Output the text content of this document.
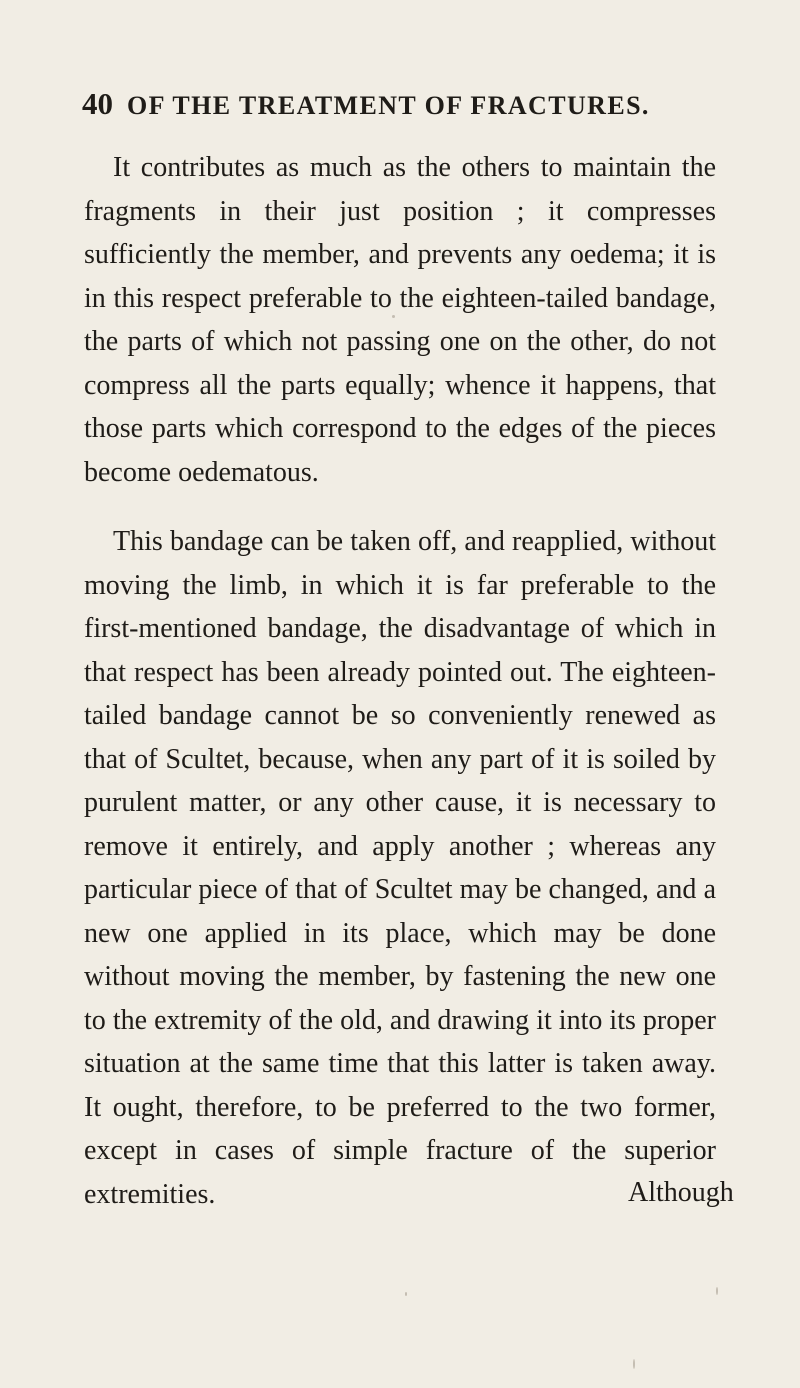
40 OF THE TREATMENT OF FRACTURES.

It contributes as much as the others to maintain the fragments in their just position ; it compresses sufficiently the member, and prevents any oedema; it is in this respect preferable to the eighteen-tailed bandage, the parts of which not passing one on the other, do not compress all the parts equally; whence it happens, that those parts which correspond to the edges of the pieces become oedematous.

This bandage can be taken off, and reapplied, without moving the limb, in which it is far preferable to the first-mentioned bandage, the disadvantage of which in that respect has been already pointed out. The eighteen-tailed bandage cannot be so conveniently renewed as that of Scultet, because, when any part of it is soiled by purulent matter, or any other cause, it is necessary to remove it entirely, and apply another ; whereas any particular piece of that of Scultet may be changed, and a new one applied in its place, which may be done without moving the member, by fastening the new one to the extremity of the old, and drawing it into its proper situation at the same time that this latter is taken away. It ought, therefore, to be preferred to the two former, except in cases of simple fracture of the superior extremities.	Although
